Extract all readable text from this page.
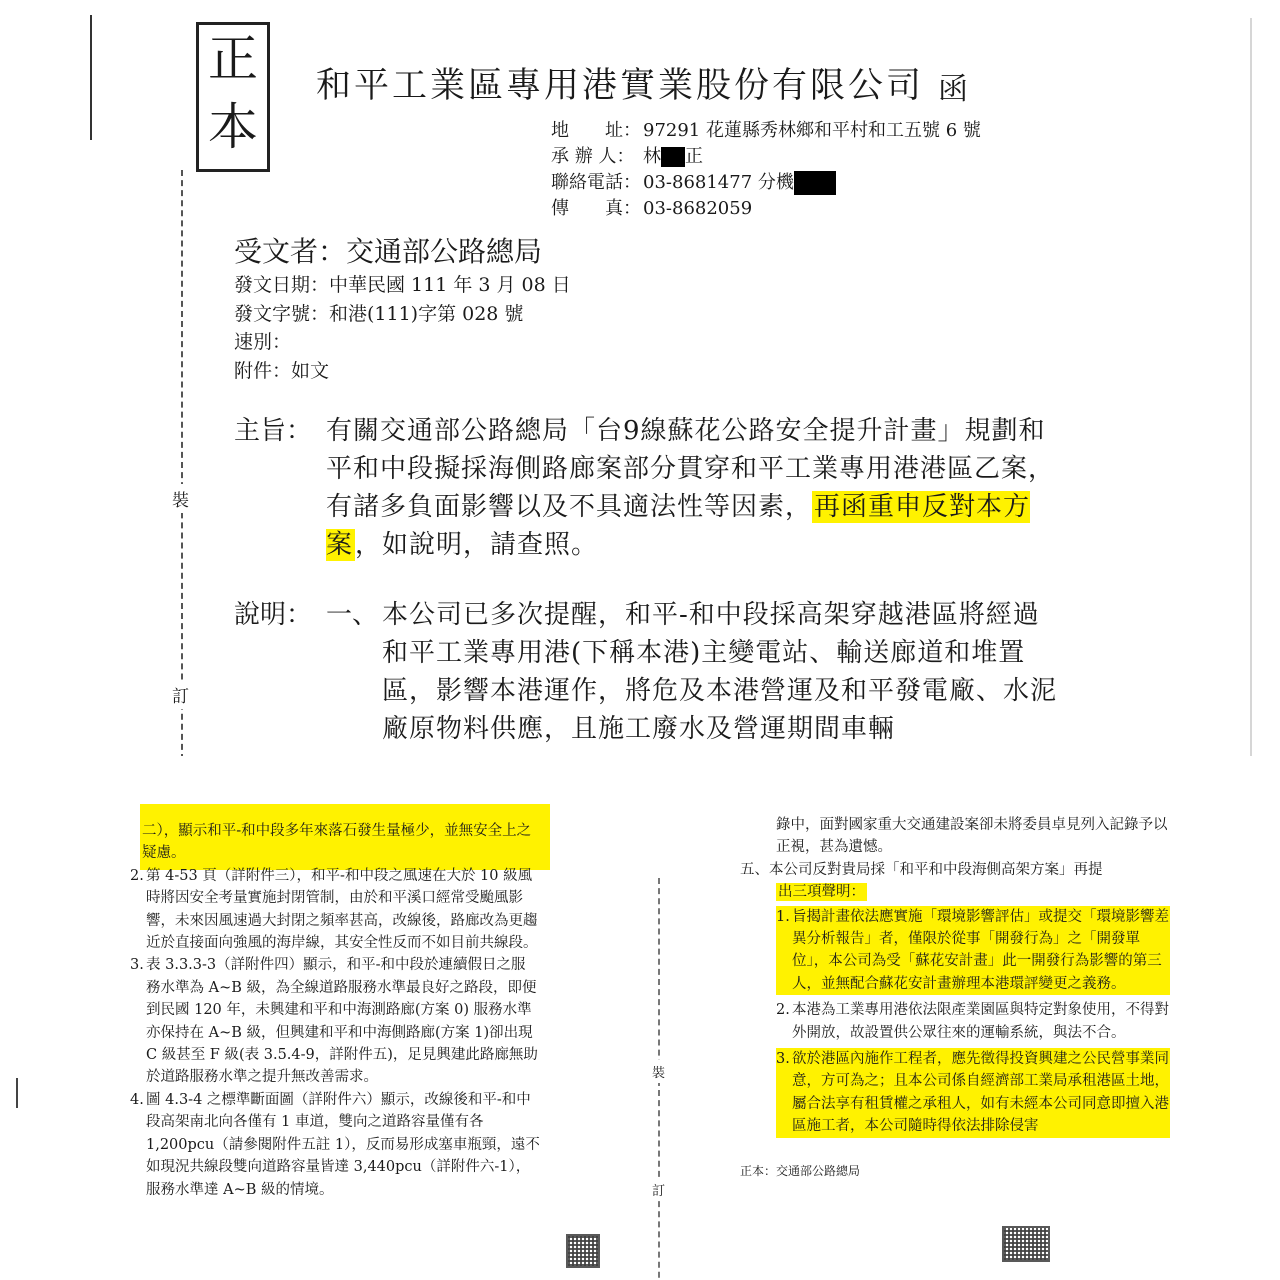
裝
訂
正
本
和平工業區專用港實業股份有限公司 函
地　　址： 97291 花蓮縣秀林鄉和平村和工五號 6 號
承 辦 人： 林 正
聯絡電話： 03-8681477 分機
傳　　真： 03-8682059
受文者：交通部公路總局
發文日期：中華民國 111 年 3 月 08 日
發文字號：和港(111)字第 028 號
速別：
附件：如文
主旨： 有關交通部公路總局「台9線蘇花公路安全提升計畫」規劃和平和中段擬採海側路廊案部分貫穿和平工業專用港港區乙案，有諸多負面影響以及不具適法性等因素，再函重申反對本方案，如說明，請查照。
說明： 一、 本公司已多次提醒，和平-和中段採高架穿越港區將經過和平工業專用港(下稱本港)主變電站、輸送廊道和堆置區，影響本港運作，將危及本港營運及和平發電廠、水泥廠原物料供應，且施工廢水及營運期間車輛
二），顯示和平-和中段多年來落石發生量極少，並無安全上之疑慮。
2. 第 4-53 頁（詳附件三），和平-和中段之風速在大於 10 級風時將因安全考量實施封閉管制，由於和平溪口經常受颱風影響，未來因風速過大封閉之頻率甚高，改線後，路廊改為更趨近於直接面向強風的海岸線，其安全性反而不如目前共線段。
3. 表 3.3.3-3（詳附件四）顯示，和平-和中段於連續假日之服務水準為 A~B 級，為全線道路服務水準最良好之路段，即便到民國 120 年，未興建和平和中海測路廊(方案 0) 服務水準亦保持在 A~B 級，但興建和平和中海側路廊(方案 1)卻出現 C 級甚至 F 級(表 3.5.4-9，詳附件五)，足見興建此路廊無助於道路服務水準之提升無改善需求。
4. 圖 4.3-4 之標準斷面圖（詳附件六）顯示，改線後和平-和中段高架南北向各僅有 1 車道，雙向之道路容量僅有各 1,200pcu（請參閱附件五註 1），反而易形成塞車瓶頸，遠不如現況共線段雙向道路容量皆達 3,440pcu（詳附件六-1），服務水準達 A~B 級的情境。
裝
訂
錄中，面對國家重大交通建設案卻未將委員卓見列入記錄予以正視，甚為遺憾。
五、本公司反對貴局採「和平和中段海側高架方案」再提
出三項聲明：
1. 旨揭計畫依法應實施「環境影響評估」或提交「環境影響差異分析報告」者，僅限於從事「開發行為」之「開發單位」，本公司為受「蘇花安計畫」此一開發行為影響的第三人，並無配合蘇花安計畫辦理本港環評變更之義務。
2. 本港為工業專用港依法限產業園區與特定對象使用，不得對外開放，故設置供公眾往來的運輸系統，與法不合。
3. 欲於港區內施作工程者，應先徵得投資興建之公民營事業同意，方可為之；且本公司係自經濟部工業局承租港區土地，屬合法享有租賃權之承租人，如有未經本公司同意即擅入港區施工者，本公司隨時得依法排除侵害
正本：交通部公路總局
